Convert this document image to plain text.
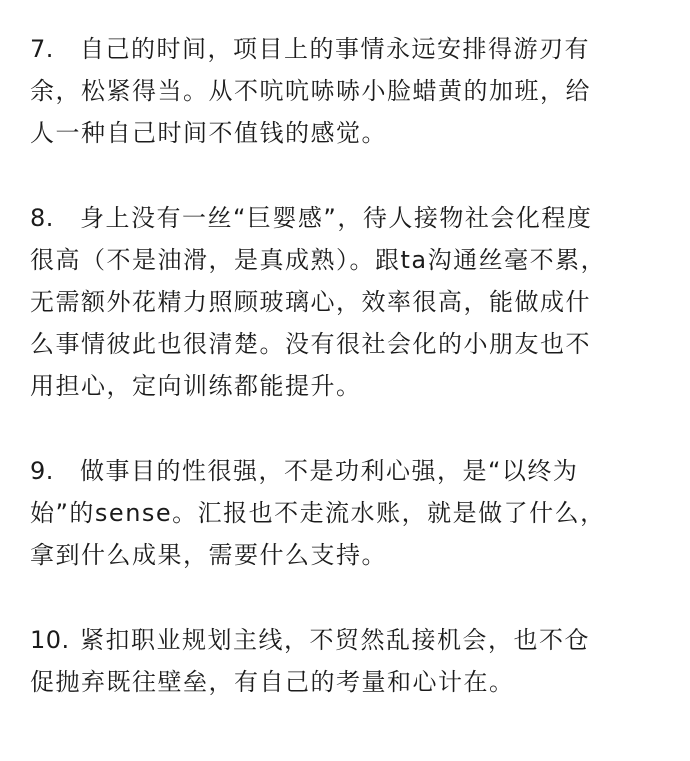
7. 自己的时间，项目上的事情永远安排得游刃有
余，松紧得当。从不吭吭哧哧小脸蜡黄的加班，给
人一种自己时间不值钱的感觉。
8. 身上没有一丝“巨婴感”，待人接物社会化程度
很高（不是油滑，是真成熟）。跟ta沟通丝毫不累，
无需额外花精力照顾玻璃心，效率很高，能做成什
么事情彼此也很清楚。没有很社会化的小朋友也不
用担心，定向训练都能提升。
9. 做事目的性很强，不是功利心强，是“以终为
始”的sense。汇报也不走流水账，就是做了什么，
拿到什么成果，需要什么支持。
10. 紧扣职业规划主线，不贸然乱接机会，也不仓
促抛弃既往壁垒，有自己的考量和心计在。
